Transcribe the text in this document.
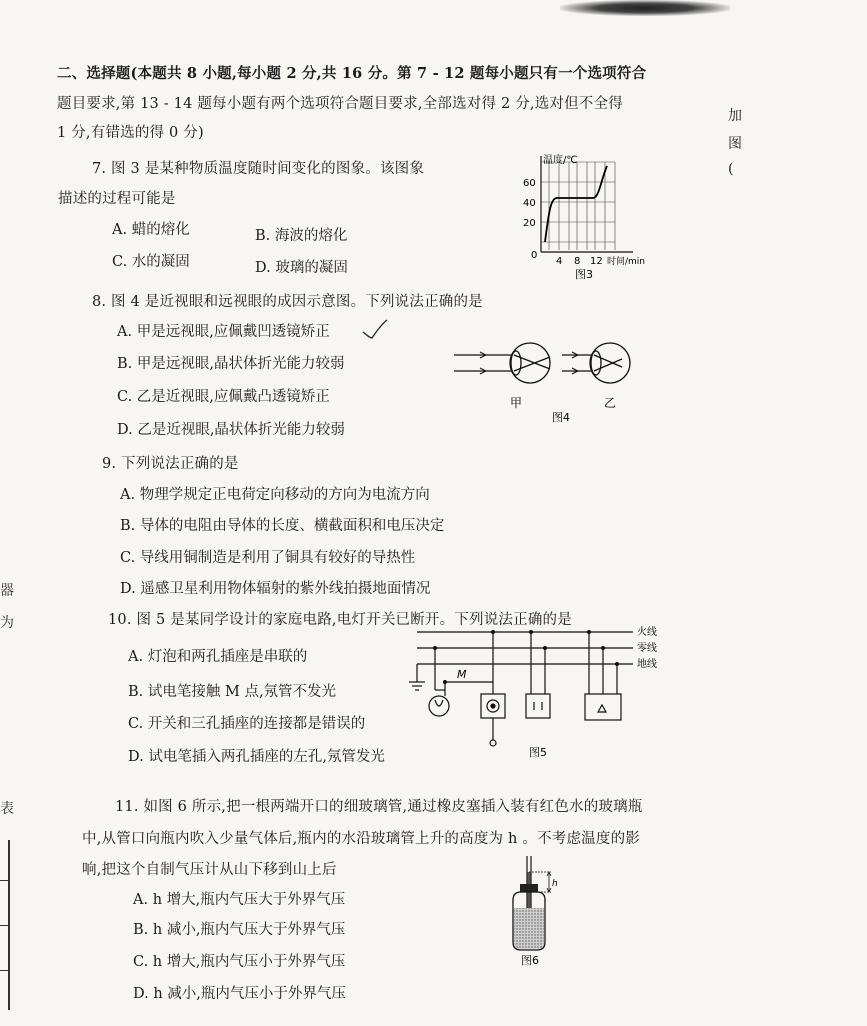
器
为
表
加
图
(
二、选择题(本题共 8 小题,每小题 2 分,共 16 分。第 7 - 12 题每小题只有一个选项符合
题目要求,第 13 - 14 题每小题有两个选项符合题目要求,全部选对得 2 分,选对但不全得
1 分,有错选的得 0 分)
7. 图 3 是某种物质温度随时间变化的图象。该图象
描述的过程可能是
A. 蜡的熔化	B. 海波的熔化
C. 水的凝固	D. 玻璃的凝固
温度/℃
60
40
20
0
4 8 12 时间/min
图3
8. 图 4 是近视眼和远视眼的成因示意图。下列说法正确的是
A. 甲是远视眼,应佩戴凹透镜矫正
B. 甲是远视眼,晶状体折光能力较弱
C. 乙是近视眼,应佩戴凸透镜矫正
D. 乙是近视眼,晶状体折光能力较弱
甲	乙
图4
9. 下列说法正确的是
A. 物理学规定正电荷定向移动的方向为电流方向
B. 导体的电阻由导体的长度、横截面积和电压决定
C. 导线用铜制造是利用了铜具有较好的导热性
D. 遥感卫星利用物体辐射的紫外线拍摄地面情况
10. 图 5 是某同学设计的家庭电路,电灯开关已断开。下列说法正确的是
A. 灯泡和两孔插座是串联的
B. 试电笔接触 M 点,氖管不发光
C. 开关和三孔插座的连接都是错误的
D. 试电笔插入两孔插座的左孔,氖管发光
M
火线
零线
地线
图5
11. 如图 6 所示,把一根两端开口的细玻璃管,通过橡皮塞插入装有红色水的玻璃瓶
中,从管口向瓶内吹入少量气体后,瓶内的水沿玻璃管上升的高度为 h 。不考虑温度的影
响,把这个自制气压计从山下移到山上后
A. h 增大,瓶内气压大于外界气压
B. h 减小,瓶内气压大于外界气压
C. h 增大,瓶内气压小于外界气压
D. h 减小,瓶内气压小于外界气压
h
图6
